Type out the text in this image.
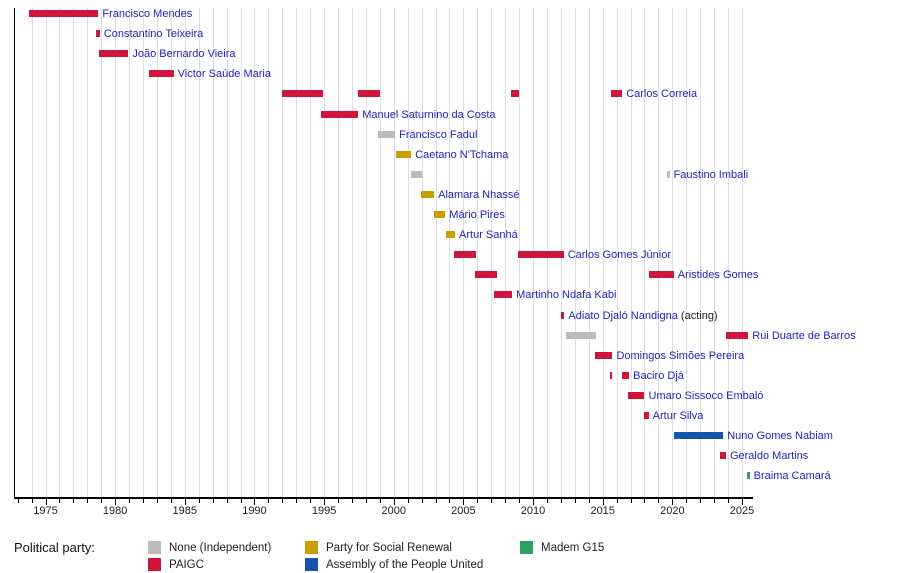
1975	1980	1985	1990	1995	2000	2005	2010	2015	2020	2025
Francisco Mendes
Constantino Teixeira
João Bernardo Vieira
Victor Saúde Maria
Carlos Correia
Manuel Saturnino da Costa
Francisco Fadul
Caetano N'Tchama
Faustino Imbali
Alamara Nhassé
Mário Pires
Artur Sanhá
Carlos Gomes Júnior
Aristides Gomes
Martinho Ndafa Kabi
Adiato Djaló Nandigna (acting)
Rui Duarte de Barros
Domingos Simões Pereira
Baciro Djá
Umaro Sissoco Embaló
Artur Silva
Nuno Gomes Nabiam
Geraldo Martins
Braima Camará
Political party:	None (Independent)
PAIGC
Party for Social Renewal
Assembly of the People United
Madem G15
